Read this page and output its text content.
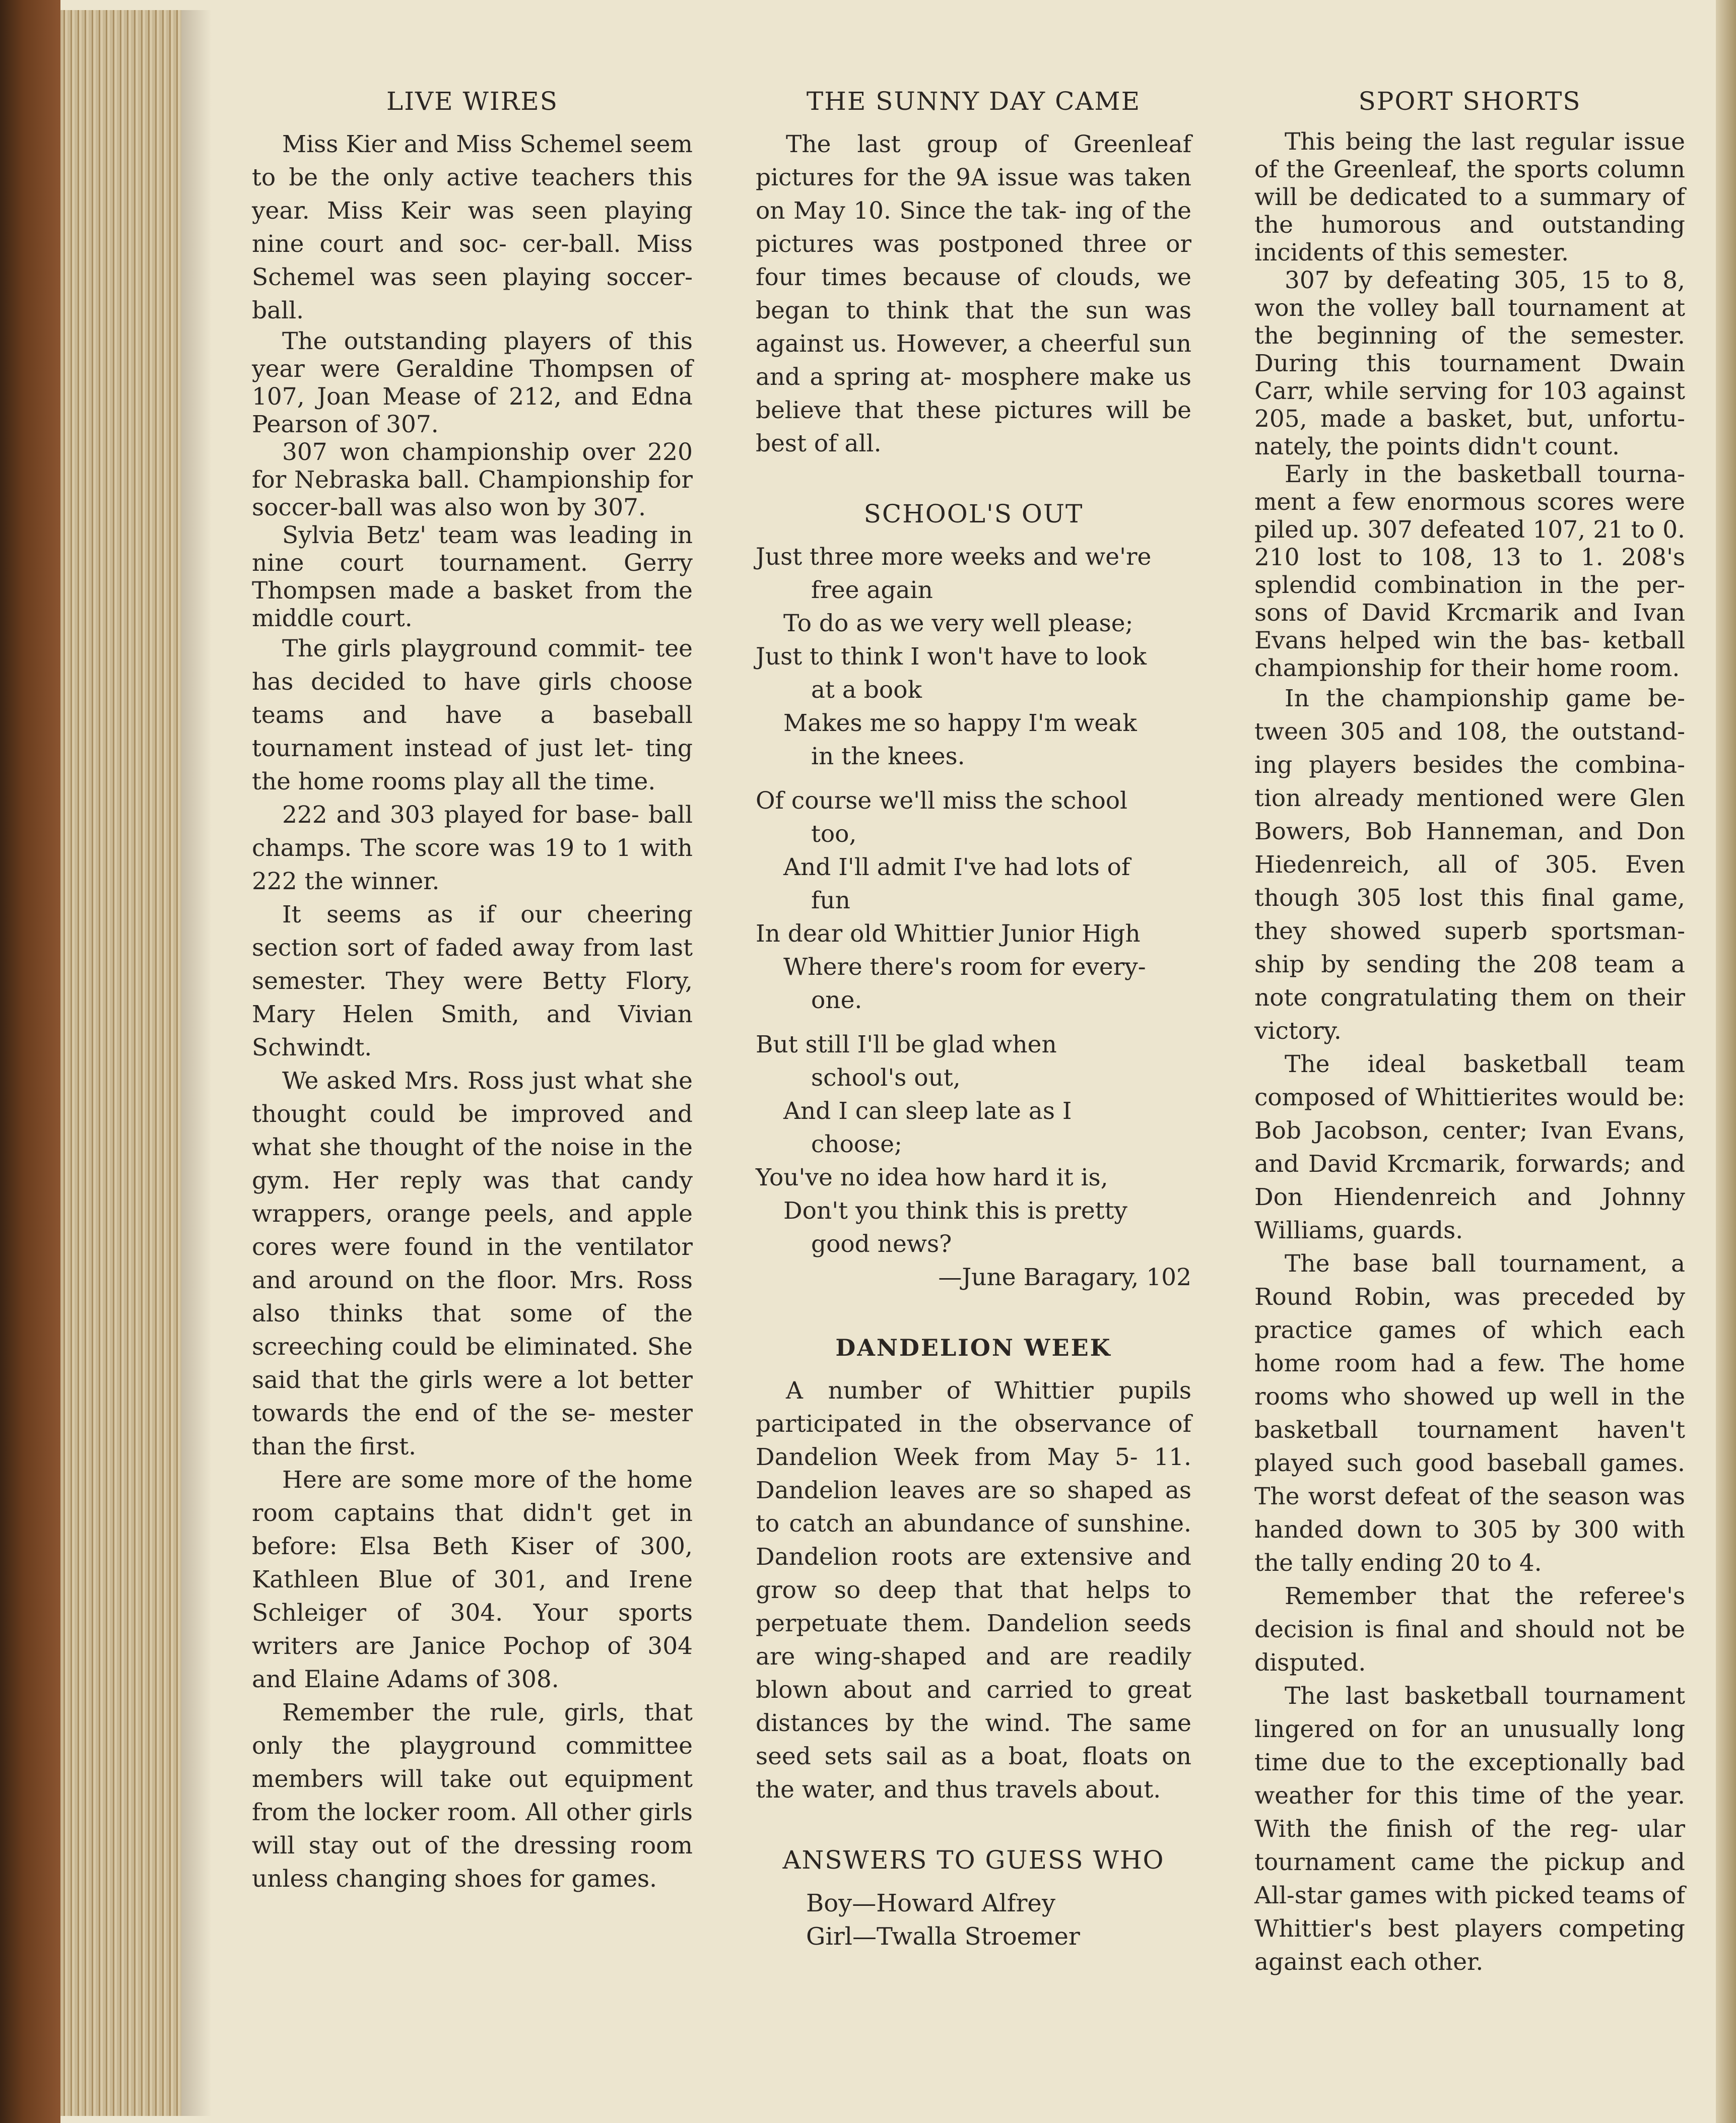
LIVE WIRES

Miss Kier and Miss Schemel seem to be the only active teachers this year. Miss Keir was seen playing nine court and soc- cer-ball. Miss Schemel was seen playing soccer-ball.

The outstanding players of this year were Geraldine Thompsen of 107, Joan Mease of 212, and Edna Pearson of 307.

307 won championship over 220 for Nebraska ball. Championship for soccer-ball was also won by 307.

Sylvia Betz' team was leading in nine court tournament. Gerry Thompsen made a basket from the middle court.

The girls playground commit- tee has decided to have girls choose teams and have a baseball tournament instead of just let- ting the home rooms play all the time.

222 and 303 played for base- ball champs. The score was 19 to 1 with 222 the winner.

It seems as if our cheering section sort of faded away from last semester. They were Betty Flory, Mary Helen Smith, and Vivian Schwindt.

We asked Mrs. Ross just what she thought could be improved and what she thought of the noise in the gym. Her reply was that candy wrappers, orange peels, and apple cores were found in the ventilator and around on the floor. Mrs. Ross also thinks that some of the screeching could be eliminated. She said that the girls were a lot better towards the end of the se- mester than the first.

Here are some more of the home room captains that didn't get in before: Elsa Beth Kiser of 300, Kathleen Blue of 301, and Irene Schleiger of 304. Your sports writers are Janice Pochop of 304 and Elaine Adams of 308.

Remember the rule, girls, that only the playground committee members will take out equipment from the locker room. All other girls will stay out of the dressing room unless changing shoes for games.

THE SUNNY DAY CAME

The last group of Greenleaf pictures for the 9A issue was taken on May 10. Since the tak- ing of the pictures was postponed three or four times because of clouds, we began to think that the sun was against us. However, a cheerful sun and a spring at- mosphere make us believe that these pictures will be best of all.

SCHOOL'S OUT
Just three more weeks and we're
free again
To do as we very well please;
Just to think I won't have to look
at a book
Makes me so happy I'm weak
in the knees.
Of course we'll miss the school
too,
And I'll admit I've had lots of
fun
In dear old Whittier Junior High
Where there's room for every-
one.
But still I'll be glad when
school's out,
And I can sleep late as I
choose;
You've no idea how hard it is,
Don't you think this is pretty
good news?
—June Baragary, 102
DANDELION WEEK

A number of Whittier pupils participated in the observance of Dandelion Week from May 5- 11. Dandelion leaves are so shaped as to catch an abundance of sunshine. Dandelion roots are extensive and grow so deep that that helps to perpetuate them. Dandelion seeds are wing-shaped and are readily blown about and carried to great distances by the wind. The same seed sets sail as a boat, floats on the water, and thus travels about.

ANSWERS TO GUESS WHO
Boy—Howard Alfrey
Girl—Twalla Stroemer
SPORT SHORTS

This being the last regular issue of the Greenleaf, the sports column will be dedicated to a summary of the humorous and outstanding incidents of this semester.

307 by defeating 305, 15 to 8, won the volley ball tournament at the beginning of the semester. During this tournament Dwain Carr, while serving for 103 against 205, made a basket, but, unfortu- nately, the points didn't count.

Early in the basketball tourna- ment a few enormous scores were piled up. 307 defeated 107, 21 to 0. 210 lost to 108, 13 to 1. 208's splendid combination in the per- sons of David Krcmarik and Ivan Evans helped win the bas- ketball championship for their home room.

In the championship game be- tween 305 and 108, the outstand- ing players besides the combina- tion already mentioned were Glen Bowers, Bob Hanneman, and Don Hiedenreich, all of 305. Even though 305 lost this final game, they showed superb sportsman- ship by sending the 208 team a note congratulating them on their victory.

The ideal basketball team composed of Whittierites would be: Bob Jacobson, center; Ivan Evans, and David Krcmarik, forwards; and Don Hiendenreich and Johnny Williams, guards.

The base ball tournament, a Round Robin, was preceded by practice games of which each home room had a few. The home rooms who showed up well in the basketball tournament haven't played such good baseball games. The worst defeat of the season was handed down to 305 by 300 with the tally ending 20 to 4.

Remember that the referee's decision is final and should not be disputed.

The last basketball tournament lingered on for an unusually long time due to the exceptionally bad weather for this time of the year. With the finish of the reg- ular tournament came the pickup and All-star games with picked teams of Whittier's best players competing against each other.
